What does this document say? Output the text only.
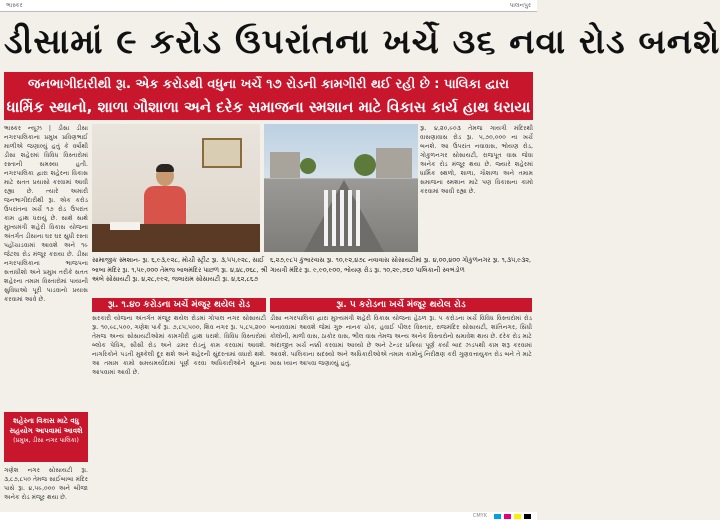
ભાસ્કર	પાલનપુર
ડીસામાં ૯ કરોડ ઉપરાંતના ખર્ચે ૩૬ નવા રોડ બનશે
જનભાગીદારીથી રૂા. એક કરોડથી વધુના ખર્ચે ૧૭ રોડની કામગીરી થઈ રહી છે : પાલિકા દ્વારા
ધાર્મિક સ્થાનો, શાળા ગૌશાળા અને દરેક સમાજના સ્મશાન માટે વિકાસ કાર્ય હાથ ધરાયા
ભાસ્કર ન્યૂઝ | ડીસા ડીસા નગરપાલિકાના પ્રમુખ પ્રવિણભાઈ માળીએ જણાવ્યું હતું કે વર્ષોથી ડીસા શહેરમાં વિવિધ વિસ્તારોમાં રસ્તાની સમસ્યા હતી. નગરપાલિકા દ્વારા શહેરના વિકાસ માટે સતત પ્રયાસો કરવામાં આવી રહ્યા છે. ત્યારે અમારી જનભાગીદારીથી રૂા. એક કરોડ ઉપરાંતના ખર્ચે ૧૭ રોડ ઉપરાંત કામ હાથ ધરાયું છે. સાથે સાથે મુખ્યમંત્રી શહેરી વિકાસ યોજના અંતર્ગત ડીસાના ઘર ઘર સુધી રસ્તા પહોંચાડવામાં આવશે અને ૧૯ જેટલા રોડ મંજૂર કરાયા છે. ડીસા નગરપાલિકાના ભાજપના સત્તાધીશો અને પ્રમુખ તરીકે સતત શહેરના તમામ વિસ્તારોમાં પાયાની સુવિધાઓ પૂરી પાડવાનો પ્રયાસ કરવામાં આવે છે.
રૂા. ૪,૨૦,૯૦૩ તેમજ ગાયત્રી મંદિરથી વાસણાવાસ રોડ રૂા. ૫,૭૦,૦૦૦ ના ખર્ચે બનશે. આ ઉપરાંત નવાવાસ, ભોયણ રોડ, ગોકુળનગર સોસાયટી, રાજપૂત વાસ જેવા અનેક રોડ મંજૂર થયા છે. જ્યારે શહેરમાં ધાર્મિક સ્થળો, શાળા, ગૌશાળા અને તમામ સમાજના સ્મશાન માટે પણ વિકાસના કામો કરવામાં આવી રહ્યા છે.
સામાજીક સ્મશાન- રૂા. ૬,૯૩,૯૨૮, મોચી સ્ટ્રીટ રૂા. ૩,૫૫,૯૨૮, સાઈ બાબા મંદિર રૂા. ૧,૫૯,૦૦૦ તેમજ બાલમંદિર પાછળ રૂા. ૪,૪૮,૦૬૮, શ્રી અંબે સોસાયટી રૂા. ૪,૨૮,૯૯૨, જલારામ સોસાયટી રૂા. ૪,૬૨,૮૬૭
૬,૨૭,૯૮૫ કુંભારવાસ રૂા. ૧૦,૯૨,૪૭૮ નવાવાસ સોસાયટીમાં રૂા. ૪,૦૦,૪૦૦ ગોકુળનગર રૂા. ૧,૩૫,૯૩૨, ગાયત્રી મંદિર રૂા. ૯,૯૦,૯૦૦, ભોયણ રોડ રૂા. ૧૦,૨૯,૭૬૦ પાલિકાની સ્વભંડોળ
રૂા. ૧.૪૦ કરોડના ખર્ચે મંજૂર થયેલ રોડ	રૂા. ૫ કરોડના ખર્ચે મંજૂર થયેલ રોડ
સરકારી યોજના અંતર્ગત મંજૂર થયેલ રોડમાં ગોપાલ નગર સોસાયટી રૂા. ૧૦,૯૮,૫૦૦, ગણેશ પાર્ક રૂા. ૭,૮૫,૫૦૦, શિવ નગર રૂા. ૫,૮૫,૨૦૦ તેમજ અન્ય સોસાયટીઓમાં કામગીરી હાથ ધરાશે. વિવિધ વિસ્તારોમાં બ્લોક પેવિંગ, સીસી રોડ અને ડામર રોડનું કામ કરવામાં આવશે. નાગરિકોને પડતી મુશ્કેલી દૂર થશે અને શહેરની સુંદરતામાં વધારો થશે. આ તમામ કામો સમયમર્યાદામાં પૂર્ણ કરવા અધિકારીઓને સૂચના આપવામાં આવી છે.
ડીસા નગરપાલિકા દ્વારા મુખ્યમંત્રી શહેરી વિકાસ યોજના હેઠળ રૂા. ૫ કરોડના ખર્ચે વિવિધ વિસ્તારોમાં રોડ બનાવવામાં આવશે જેમાં ગુરુ નાનક ચોક, હવાઈ પીલર વિસ્તાર, રાજમંદિર સોસાયટી, શાંતિનગર, સિંધી કોલોની, માળી વાસ, ઠાકોર વાસ, ભીલ વાસ તેમજ અન્ય અનેક વિસ્તારોનો સમાવેશ થાય છે. દરેક રોડ માટે અંદાજીત ખર્ચ નક્કી કરવામાં આવ્યો છે અને ટેન્ડર પ્રક્રિયા પૂર્ણ કર્યા બાદ ઝડપથી કામ શરૂ કરવામાં આવશે. પાલિકાના સદસ્યો અને અધિકારીઓએ તમામ કામોનું નિરીક્ષણ કરી ગુણવત્તાયુક્ત રોડ બને તે માટે ખાસ ધ્યાન આપવા જણાવ્યું હતું.
શહેરના વિકાસ માટે વધુ સહયોગ આપવામાં આવશે
(પ્રમુખ, ડીસા નગર પાલિકા)
ગણેશ નગર સોસાયટી રૂા. ૩,૮૭,૮૫૦ તેમજ સાઈબાબા મંદિર પાસે રૂા. ૪,૫૯,૦૦૦ અને બીજા અનેક રોડ મંજૂર થયા છે.
CMYK
